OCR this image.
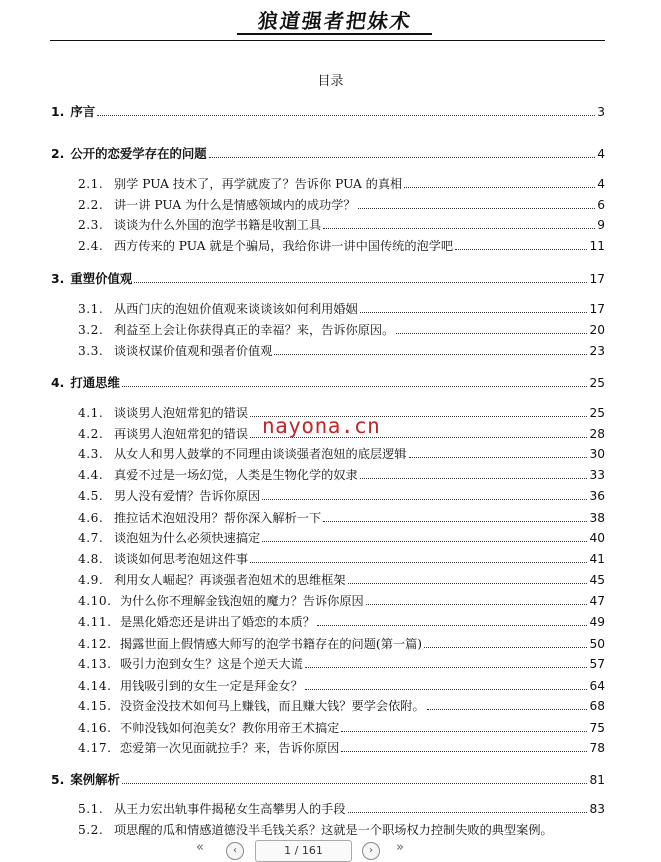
狼道强者把妹术
目录
1. 序言	3
2. 公开的恋爱学存在的问题	4
2.1. 别学 PUA 技术了，再学就废了？告诉你 PUA 的真相	4
2.2. 讲一讲 PUA 为什么是情感领域内的成功学？	6
2.3. 谈谈为什么外国的泡学书籍是收割工具	9
2.4. 西方传来的 PUA 就是个骗局，我给你讲一讲中国传统的泡学吧	11
3. 重塑价值观	17
3.1. 从西门庆的泡妞价值观来谈谈该如何利用婚姻	17
3.2. 利益至上会让你获得真正的幸福？来，告诉你原因。	20
3.3. 谈谈权谋价值观和强者价值观	23
4. 打通思维	25
4.1. 谈谈男人泡妞常犯的错误	25
4.2. 再谈男人泡妞常犯的错误	28
4.3. 从女人和男人鼓掌的不同理由谈谈强者泡妞的底层逻辑	30
4.4. 真爱不过是一场幻觉，人类是生物化学的奴隶	33
4.5. 男人没有爱情？告诉你原因	36
4.6. 推拉话术泡妞没用？帮你深入解析一下	38
4.7. 谈泡妞为什么必须快速搞定	40
4.8. 谈谈如何思考泡妞这件事	41
4.9. 利用女人崛起？再谈强者泡妞术的思维框架	45
4.10. 为什么你不理解金钱泡妞的魔力？告诉你原因	47
4.11. 是黑化婚恋还是讲出了婚恋的本质？	49
4.12. 揭露世面上假情感大师写的泡学书籍存在的问题(第一篇)	50
4.13. 吸引力泡到女生？这是个逆天大谎	57
4.14. 用钱吸引到的女生一定是拜金女？	64
4.15. 没资金没技术如何马上赚钱，而且赚大钱？要学会依附。	68
4.16. 不帅没钱如何泡美女？教你用帝王术搞定	75
4.17. 恋爱第一次见面就拉手？来，告诉你原因	78
5. 案例解析	81
5.1. 从王力宏出轨事件揭秘女生高攀男人的手段	83
5.2. 项思醒的瓜和情感道德没半毛钱关系？这就是一个职场权力控制失败的典型案例。
nayona.cn
«	‹	1 / 161	›	»
